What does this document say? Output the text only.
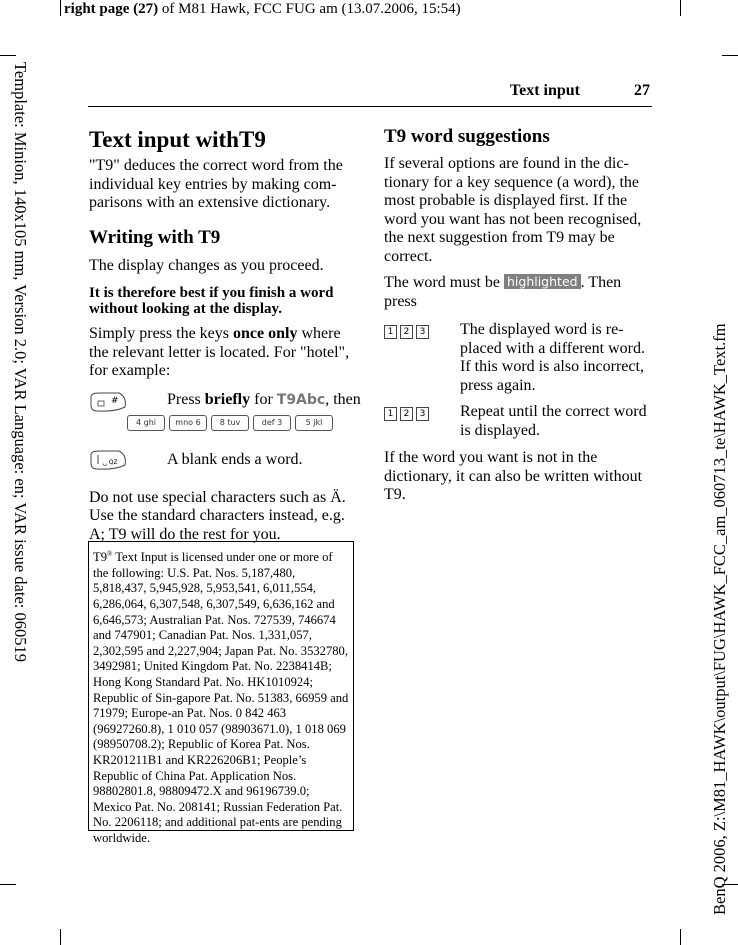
right page (27) of M81 Hawk, FCC FUG am (13.07.2006, 15:54)
Template: Minion, 140x105 mm, Version 2.0; VAR Language: en; VAR issue date: 060519	BenQ 2006, Z:\M81_HAWK\output\FUG\HAWK_FCC_am_060713_te\HAWK_Text.fm
Text input	27
Text input withT9

"T9" deduces the correct word from the individual key entries by making com-parisons with an extensive dictionary.

Writing with T9

The display changes as you proceed.

It is therefore best if you finish a word without looking at the display.

Simply press the keys once only where the relevant letter is located. For "hotel", for example:

#	Press briefly for T9Abc, then
4 ghi mno 6 8 tuv	def 3	5 jkl
␣ QZ	A blank ends a word.

Do not use special characters such as Ä. Use the standard characters instead, e.g. A; T9 will do the rest for you.

T9® Text Input is licensed under one or more of the following: U.S. Pat. Nos. 5,187,480, 5,818,437, 5,945,928, 5,953,541, 6,011,554, 6,286,064, 6,307,548, 6,307,549, 6,636,162 and 6,646,573; Australian Pat. Nos. 727539, 746674 and 747901; Canadian Pat. Nos. 1,331,057, 2,302,595 and 2,227,904; Japan Pat. No. 3532780, 3492981; United Kingdom Pat. No. 2238414B; Hong Kong Standard Pat. No. HK1010924; Republic of Sin-gapore Pat. No. 51383, 66959 and 71979; Europe-an Pat. Nos. 0 842 463 (96927260.8), 1 010 057 (98903671.0), 1 018 069 (98950708.2); Republic of Korea Pat. Nos. KR201211B1 and KR226206B1; People’s Republic of China Pat. Application Nos. 98802801.8, 98809472.X and 96196739.0; Mexico Pat. No. 208141; Russian Federation Pat. No. 2206118; and additional pat-ents are pending worldwide.
T9 word suggestions

If several options are found in the dic-tionary for a key sequence (a word), the most probable is displayed first. If the word you want has not been recognised, the next suggestion from T9 may be correct.

The word must be highlighted . Then press

1 2 3	The displayed word is re-placed with a different word. If this word is also incorrect, press again.
1 2 3	Repeat until the correct word is displayed.

If the word you want is not in the dictionary, it can also be written without T9.
